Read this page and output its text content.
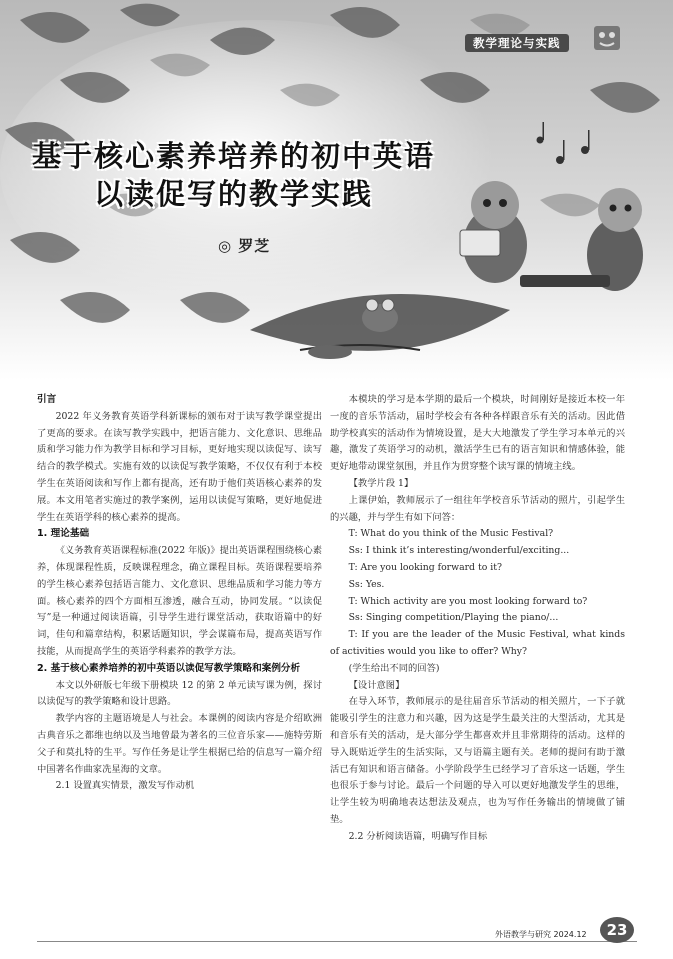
教学理论与实践
基于核心素养培养的初中英语
以读促写的教学实践
◎ 罗芝

引言

2022 年义务教育英语学科新课标的颁布对于读写教学课堂提出了更高的要求。在读写教学实践中，把语言能力、文化意识、思维品质和学习能力作为教学目标和学习目标，更好地实现以读促写、读写结合的教学模式。实施有效的以读促写教学策略，不仅仅有利于本校学生在英语阅读和写作上都有提高，还有助于他们英语核心素养的发展。本文用笔者实施过的教学案例，运用以读促写策略，更好地促进学生在英语学科的核心素养的提高。

1. 理论基础

《义务教育英语课程标准(2022 年版)》提出英语课程围绕核心素养，体现课程性质，反映课程理念，确立课程目标。英语课程要培养的学生核心素养包括语言能力、文化意识、思维品质和学习能力等方面。核心素养的四个方面相互渗透，融合互动，协同发展。“以读促写”是一种通过阅读语篇，引导学生进行课堂活动，获取语篇中的好词，佳句和篇章结构，积累话题知识，学会谋篇布局，提高英语写作技能，从而提高学生的英语学科素养的教学方法。

2. 基于核心素养培养的初中英语以读促写教学策略和案例分析

本文以外研版七年级下册模块 12 的第 2 单元读写课为例，探讨以读促写的教学策略和设计思路。

教学内容的主题语境是人与社会。本课例的阅读内容是介绍欧洲古典音乐之都维也纳以及当地曾最为著名的三位音乐家——施特劳斯父子和莫扎特的生平。写作任务是让学生根据已给的信息写一篇介绍中国著名作曲家冼星海的文章。

2.1 设置真实情景，激发写作动机

本模块的学习是本学期的最后一个模块，时间刚好是接近本校一年一度的音乐节活动，届时学校会有各种各样跟音乐有关的活动。因此借助学校真实的活动作为情境设置，是大大地激发了学生学习本单元的兴趣，激发了英语学习的动机，激活学生已有的语言知识和情感体验，能更好地带动课堂氛围，并且作为贯穿整个读写课的情境主线。

【教学片段 1】

上课伊始，教师展示了一组往年学校音乐节活动的照片，引起学生的兴趣，并与学生有如下问答：

T: What do you think of the Music Festival?

Ss: I think it’s interesting/wonderful/exciting...

T: Are you looking forward to it?

Ss: Yes.

T: Which activity are you most looking forward to?

Ss: Singing competition/Playing the piano/...

T: If you are the leader of the Music Festival, what kinds of activities would you like to offer? Why?

(学生给出不同的回答)

【设计意图】

在导入环节，教师展示的是往届音乐节活动的相关照片，一下子就能吸引学生的注意力和兴趣，因为这是学生最关注的大型活动，尤其是和音乐有关的活动，是大部分学生都喜欢并且非常期待的活动。这样的导入既贴近学生的生活实际，又与语篇主题有关。老师的提问有助于激活已有知识和语言储备。小学阶段学生已经学习了音乐这一话题，学生也很乐于参与讨论。最后一个问题的导入可以更好地激发学生的思维，让学生较为明确地表达想法及观点，也为写作任务输出的情境做了铺垫。

2.2 分析阅读语篇，明确写作目标

外语教学与研究 2024.12	23
